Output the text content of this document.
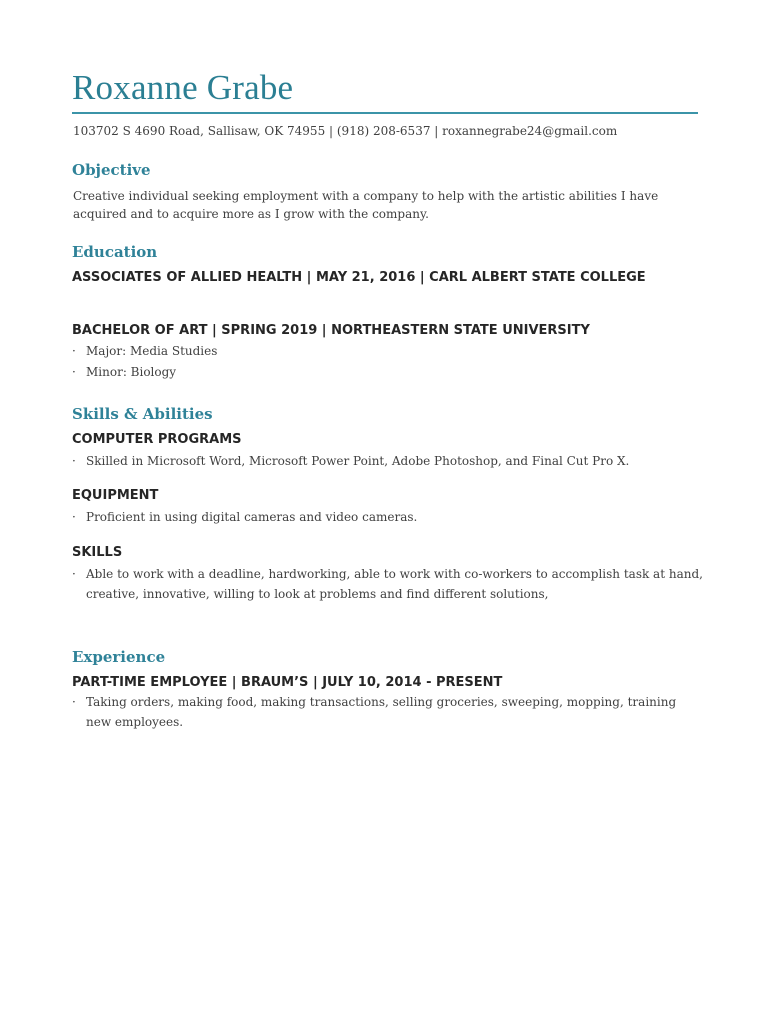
Roxanne Grabe
103702 S 4690 Road, Sallisaw, OK 74955 | (918) 208-6537 | roxannegrabe24@gmail.com
Objective
Creative individual seeking employment with a company to help with the artistic abilities I have acquired and to acquire more as I grow with the company.
Education
ASSOCIATES OF ALLIED HEALTH | MAY 21, 2016 | CARL ALBERT STATE COLLEGE
BACHELOR OF ART | SPRING 2019 | NORTHEASTERN STATE UNIVERSITY
· Major: Media Studies
· Minor: Biology
Skills & Abilities
COMPUTER PROGRAMS
· Skilled in Microsoft Word, Microsoft Power Point, Adobe Photoshop, and Final Cut Pro X.
EQUIPMENT
· Proficient in using digital cameras and video cameras.
SKILLS
· Able to work with a deadline, hardworking, able to work with co-workers to accomplish task at hand, creative, innovative, willing to look at problems and find different solutions,
Experience
PART-TIME EMPLOYEE | BRAUM’S | JULY 10, 2014 - PRESENT
· Taking orders, making food, making transactions, selling groceries, sweeping, mopping, training new employees.
